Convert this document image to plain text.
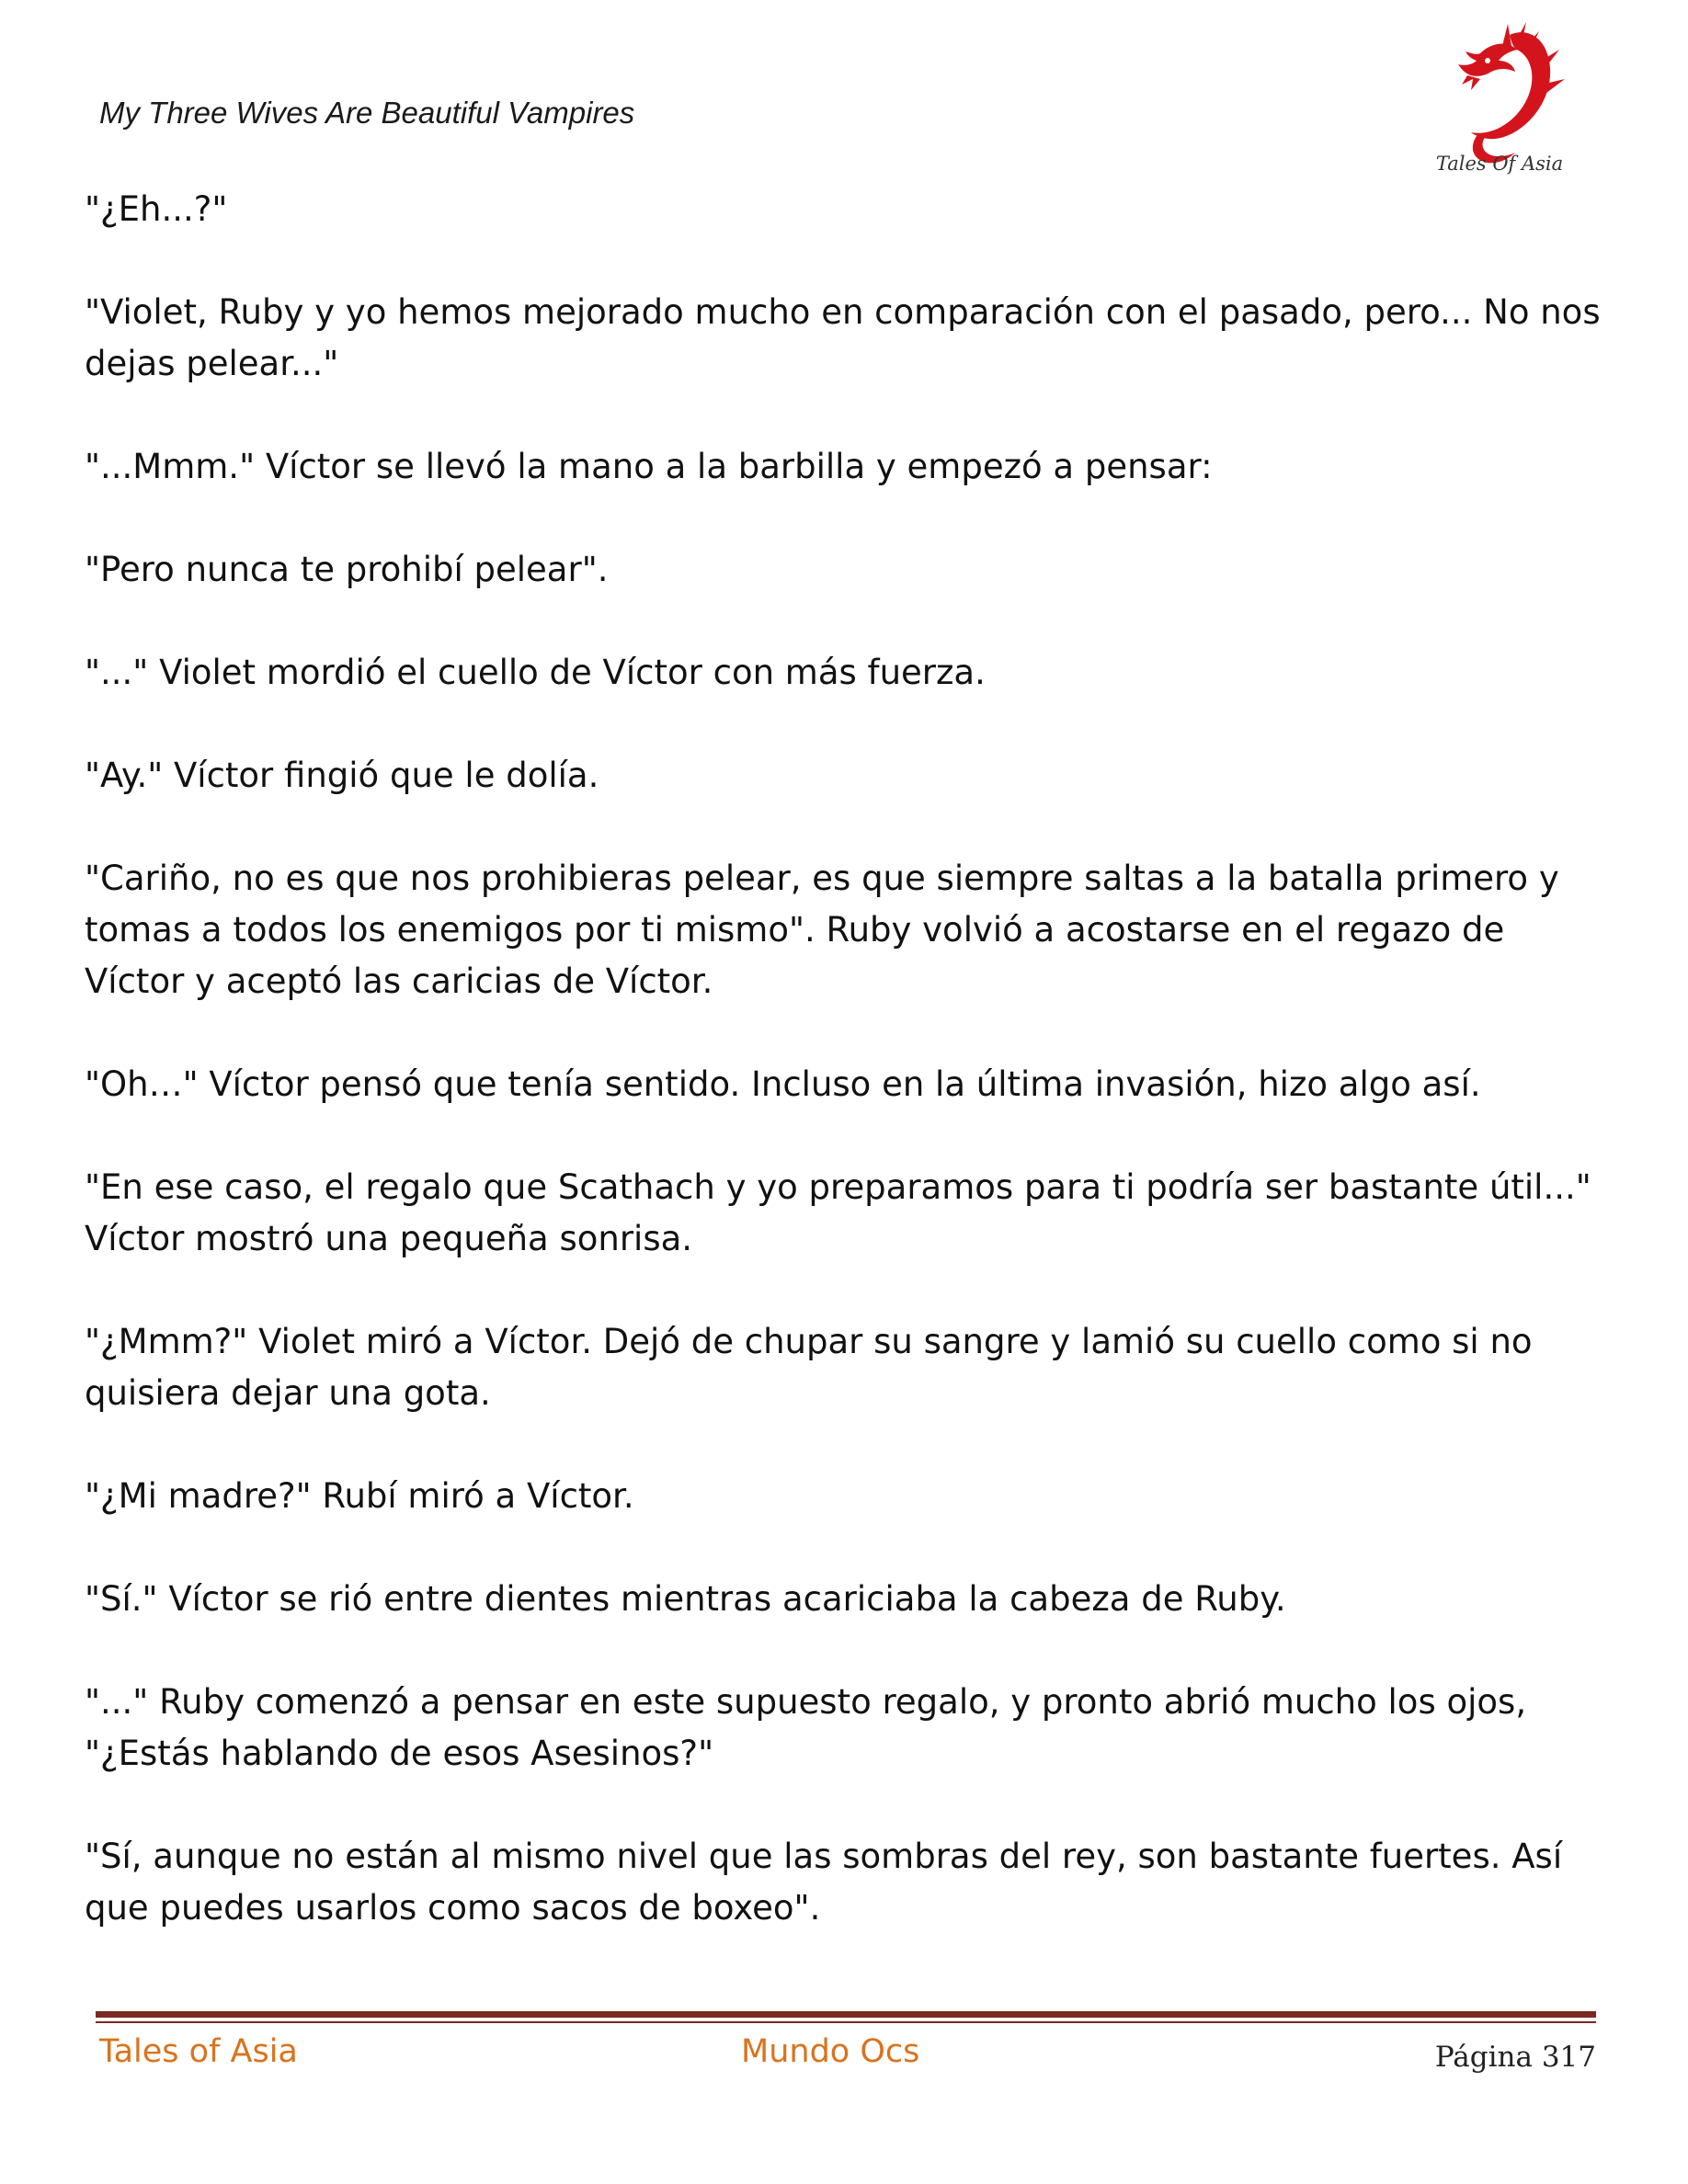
My Three Wives Are Beautiful Vampires
Tales Of Asia

"¿Eh...?"

"Violet, Ruby y yo hemos mejorado mucho en comparación con el pasado, pero... No nos dejas pelear..."

"...Mmm." Víctor se llevó la mano a la barbilla y empezó a pensar:

"Pero nunca te prohibí pelear".

"..." Violet mordió el cuello de Víctor con más fuerza.

"Ay." Víctor fingió que le dolía.

"Cariño, no es que nos prohibieras pelear, es que siempre saltas a la batalla primero y tomas a todos los enemigos por ti mismo". Ruby volvió a acostarse en el regazo de Víctor y aceptó las caricias de Víctor.

"Oh…" Víctor pensó que tenía sentido. Incluso en la última invasión, hizo algo así.

"En ese caso, el regalo que Scathach y yo preparamos para ti podría ser bastante útil..." Víctor mostró una pequeña sonrisa.

"¿Mmm?" Violet miró a Víctor. Dejó de chupar su sangre y lamió su cuello como si no quisiera dejar una gota.

"¿Mi madre?" Rubí miró a Víctor.

"Sí." Víctor se rió entre dientes mientras acariciaba la cabeza de Ruby.

"..." Ruby comenzó a pensar en este supuesto regalo, y pronto abrió mucho los ojos, "¿Estás hablando de esos Asesinos?"

"Sí, aunque no están al mismo nivel que las sombras del rey, son bastante fuertes. Así que puedes usarlos como sacos de boxeo".

Tales of Asia	Mundo Ocs	Página 317
